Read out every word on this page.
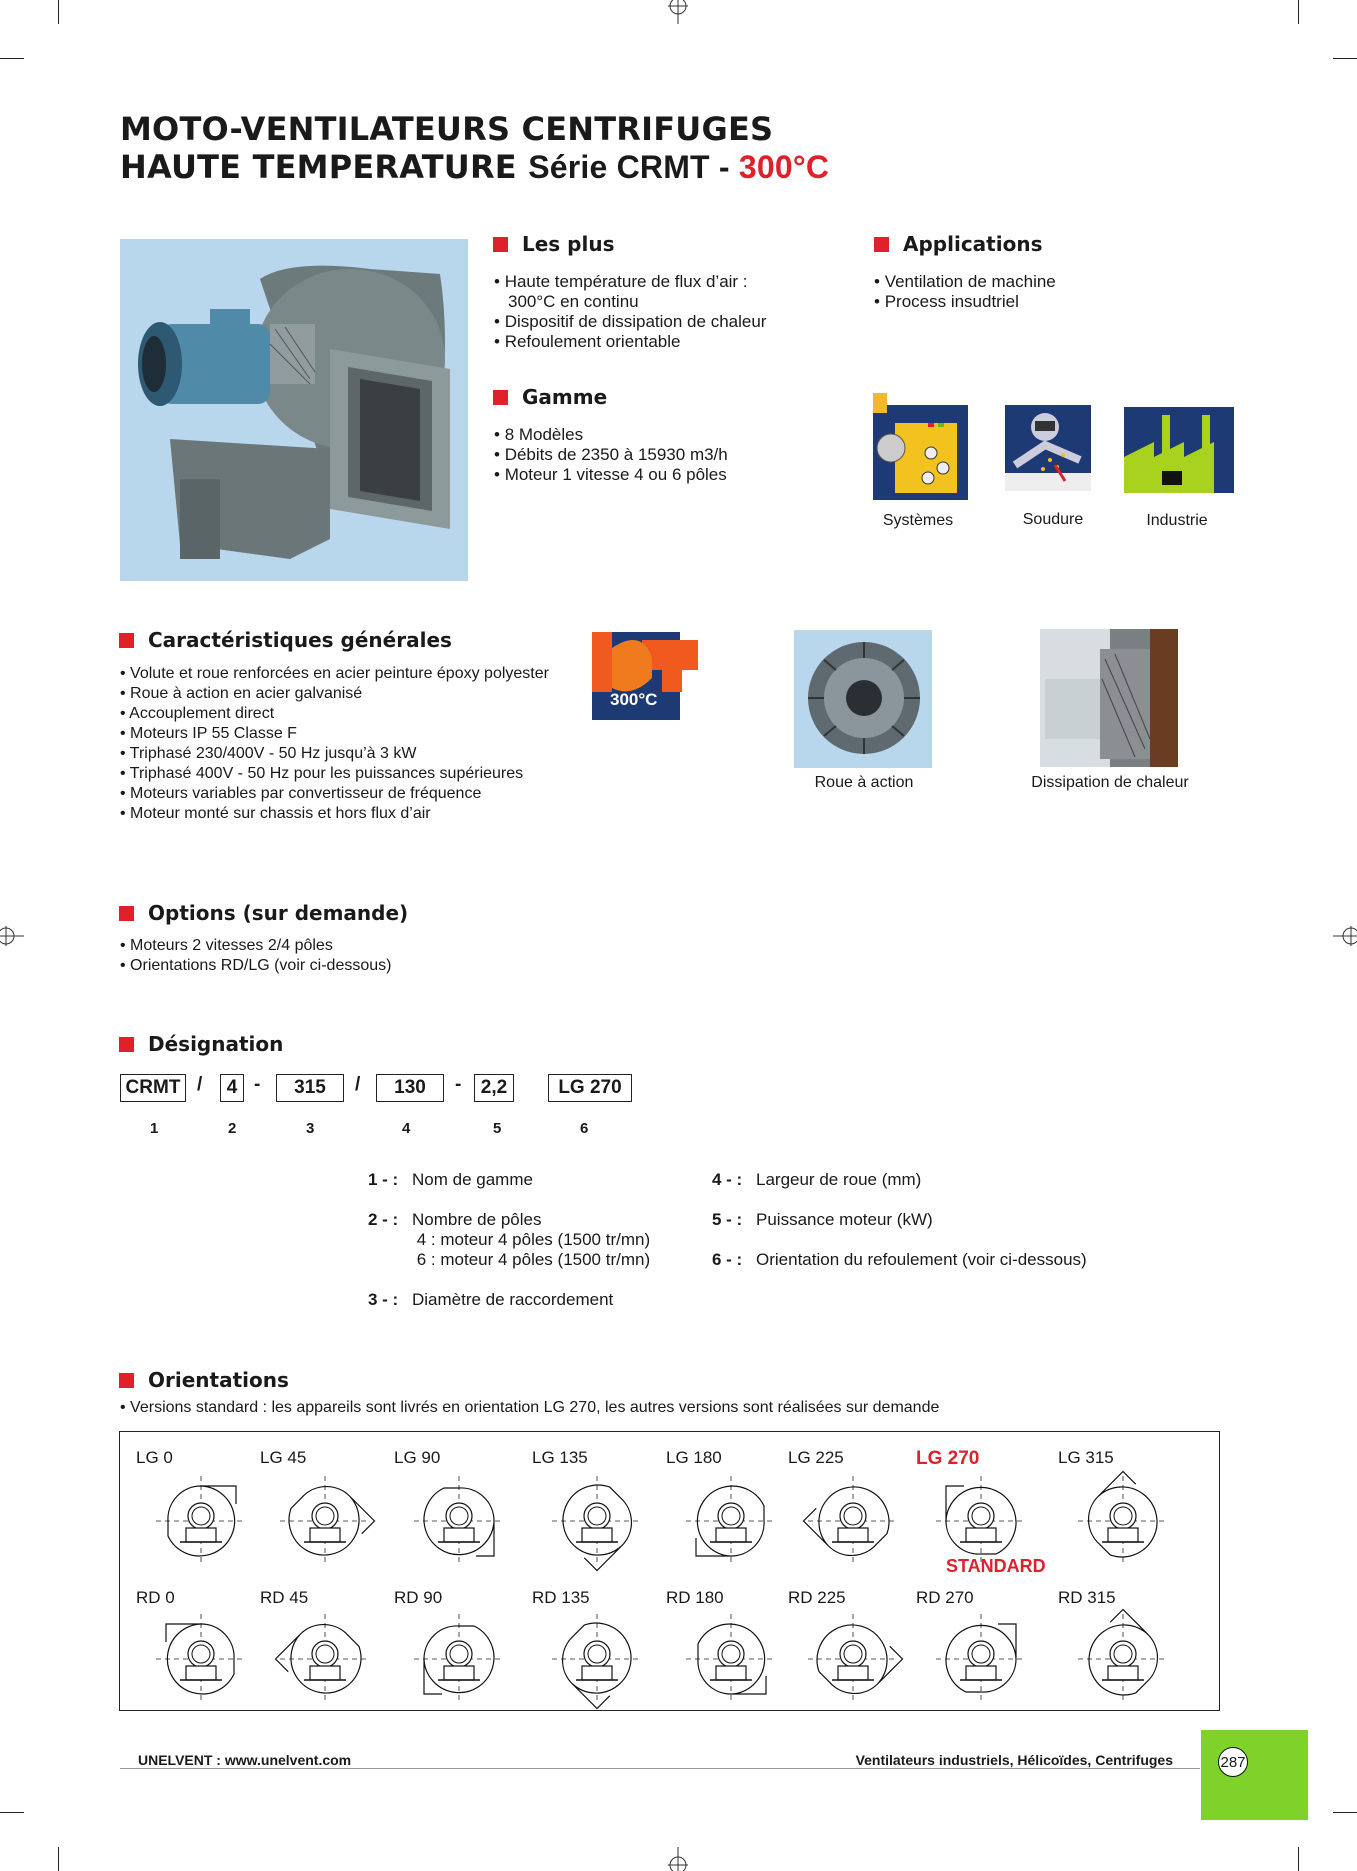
MOTO-VENTILATEURS CENTRIFUGES
HAUTE TEMPERATURE Série CRMT - 300°C
Les plus
• Haute température de flux d’air :
300°C en continu
• Dispositif de dissipation de chaleur
• Refoulement orientable
Gamme
• 8 Modèles
• Débits de 2350 à 15930 m3/h
• Moteur 1 vitesse 4 ou 6 pôles
Applications
• Ventilation de machine
• Process insudtriel
Systèmes	Soudure	Industrie
Caractéristiques générales
• Volute et roue renforcées en acier peinture époxy polyester
• Roue à action en acier galvanisé
• Accouplement direct
• Moteurs IP 55 Classe F
• Triphasé 230/400V - 50 Hz jusqu’à 3 kW
• Triphasé 400V - 50 Hz pour les puissances supérieures
• Moteurs variables par convertisseur de fréquence
• Moteur monté sur chassis et hors flux d’air
300°C
Roue à action	Dissipation de chaleur
Options (sur demande)
• Moteurs 2 vitesses 2/4 pôles
• Orientations RD/LG (voir ci-dessous)
Désignation
CRMT /	4 -	315	/	130	-	2,2	LG 270
1	2	3	4	5	6
1 - : Nom de gamme
2 - : Nombre de pôles
4 : moteur 4 pôles (1500 tr/mn)
6 : moteur 4 pôles (1500 tr/mn)
3 - : Diamètre de raccordement
4 - : Largeur de roue (mm)
5 - : Puissance moteur (kW)
6 - : Orientation du refoulement (voir ci-dessous)
Orientations
• Versions standard : les appareils sont livrés en orientation LG 270, les autres versions sont réalisées sur demande
LG 0	LG 45	LG 90	LG 135	LG 180	LG 225	LG 270	LG 315
RD 0	RD 45	RD 90	RD 135	RD 180	RD 225	RD 270	RD 315
STANDARD
UNELVENT : www.unelvent.com	Ventilateurs industriels, Hélicoïdes, Centrifuges	287
